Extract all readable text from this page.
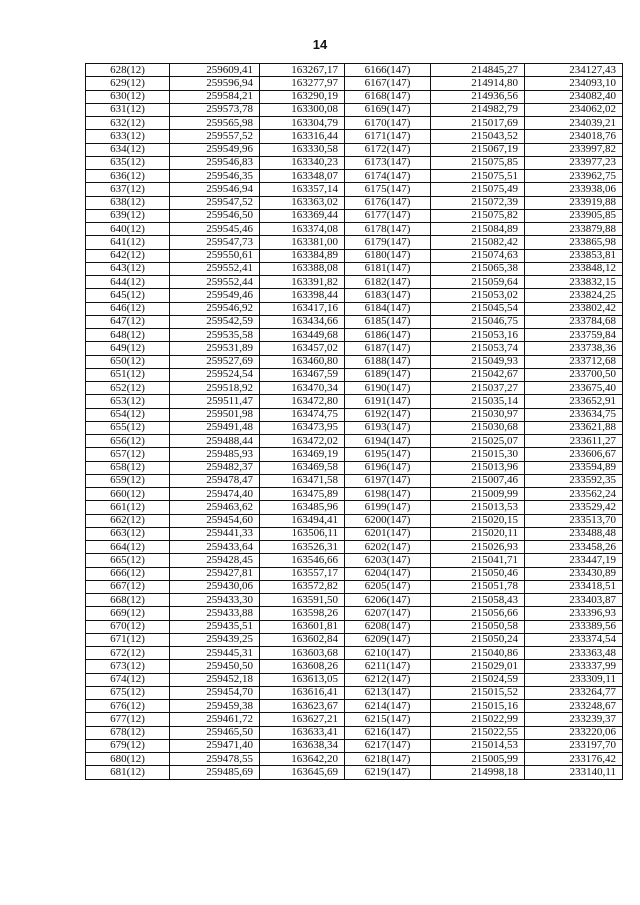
14
628(12)	259609,41	163267,17	6166(147)	214845,27	234127,43
629(12)	259596,94	163277,97	6167(147)	214914,80	234093,10
630(12)	259584,21	163290,19	6168(147)	214936,56	234082,40
631(12)	259573,78	163300,08	6169(147)	214982,79	234062,02
632(12)	259565,98	163304,79	6170(147)	215017,69	234039,21
633(12)	259557,52	163316,44	6171(147)	215043,52	234018,76
634(12)	259549,96	163330,58	6172(147)	215067,19	233997,82
635(12)	259546,83	163340,23	6173(147)	215075,85	233977,23
636(12)	259546,35	163348,07	6174(147)	215075,51	233962,75
637(12)	259546,94	163357,14	6175(147)	215075,49	233938,06
638(12)	259547,52	163363,02	6176(147)	215072,39	233919,88
639(12)	259546,50	163369,44	6177(147)	215075,82	233905,85
640(12)	259545,46	163374,08	6178(147)	215084,89	233879,88
641(12)	259547,73	163381,00	6179(147)	215082,42	233865,98
642(12)	259550,61	163384,89	6180(147)	215074,63	233853,81
643(12)	259552,41	163388,08	6181(147)	215065,38	233848,12
644(12)	259552,44	163391,82	6182(147)	215059,64	233832,15
645(12)	259549,46	163398,44	6183(147)	215053,02	233824,25
646(12)	259546,92	163417,16	6184(147)	215045,54	233802,42
647(12)	259542,59	163434,66	6185(147)	215046,75	233784,68
648(12)	259535,58	163449,68	6186(147)	215053,16	233759,84
649(12)	259531,89	163457,02	6187(147)	215053,74	233738,36
650(12)	259527,69	163460,80	6188(147)	215049,93	233712,68
651(12)	259524,54	163467,59	6189(147)	215042,67	233700,50
652(12)	259518,92	163470,34	6190(147)	215037,27	233675,40
653(12)	259511,47	163472,80	6191(147)	215035,14	233652,91
654(12)	259501,98	163474,75	6192(147)	215030,97	233634,75
655(12)	259491,48	163473,95	6193(147)	215030,68	233621,88
656(12)	259488,44	163472,02	6194(147)	215025,07	233611,27
657(12)	259485,93	163469,19	6195(147)	215015,30	233606,67
658(12)	259482,37	163469,58	6196(147)	215013,96	233594,89
659(12)	259478,47	163471,58	6197(147)	215007,46	233592,35
660(12)	259474,40	163475,89	6198(147)	215009,99	233562,24
661(12)	259463,62	163485,96	6199(147)	215013,53	233529,42
662(12)	259454,60	163494,41	6200(147)	215020,15	233513,70
663(12)	259441,33	163506,11	6201(147)	215020,11	233488,48
664(12)	259433,64	163526,31	6202(147)	215026,93	233458,26
665(12)	259428,45	163546,66	6203(147)	215041,71	233447,19
666(12)	259427,81	163557,17	6204(147)	215050,46	233430,89
667(12)	259430,06	163572,82	6205(147)	215051,78	233418,51
668(12)	259433,30	163591,50	6206(147)	215058,43	233403,87
669(12)	259433,88	163598,26	6207(147)	215056,66	233396,93
670(12)	259435,51	163601,81	6208(147)	215050,58	233389,56
671(12)	259439,25	163602,84	6209(147)	215050,24	233374,54
672(12)	259445,31	163603,68	6210(147)	215040,86	233363,48
673(12)	259450,50	163608,26	6211(147)	215029,01	233337,99
674(12)	259452,18	163613,05	6212(147)	215024,59	233309,11
675(12)	259454,70	163616,41	6213(147)	215015,52	233264,77
676(12)	259459,38	163623,67	6214(147)	215015,16	233248,67
677(12)	259461,72	163627,21	6215(147)	215022,99	233239,37
678(12)	259465,50	163633,41	6216(147)	215022,55	233220,06
679(12)	259471,40	163638,34	6217(147)	215014,53	233197,70
680(12)	259478,55	163642,20	6218(147)	215005,99	233176,42
681(12)	259485,69	163645,69	6219(147)	214998,18	233140,11
